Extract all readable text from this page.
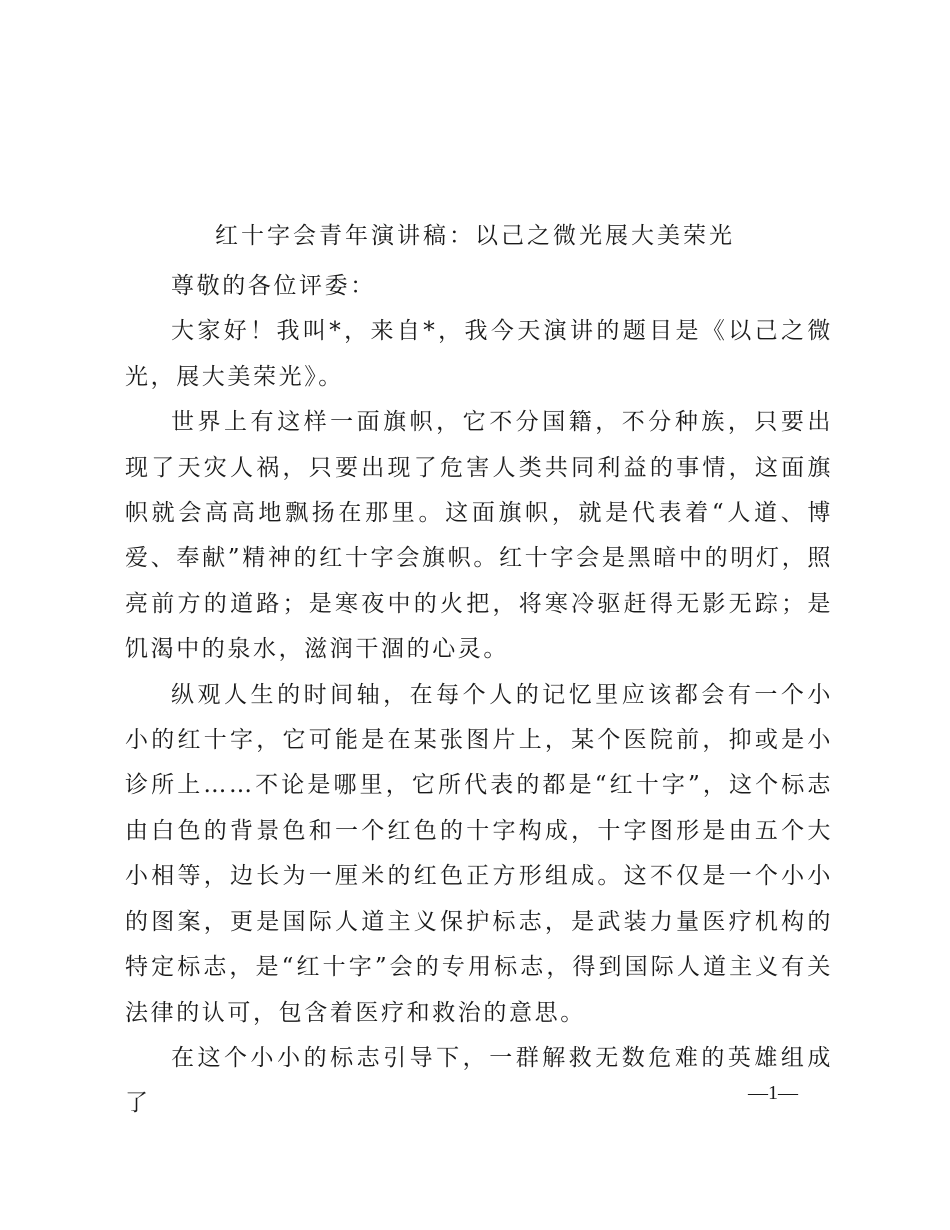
红十字会青年演讲稿：以己之微光展大美荣光

尊敬的各位评委：

大家好！我叫*，来自*，我今天演讲的题目是《以己之微光，展大美荣光》。

世界上有这样一面旗帜，它不分国籍，不分种族，只要出现了天灾人祸，只要出现了危害人类共同利益的事情，这面旗帜就会高高地飘扬在那里。这面旗帜，就是代表着“人道、博爱、奉献”精神的红十字会旗帜。红十字会是黑暗中的明灯，照亮前方的道路；是寒夜中的火把，将寒冷驱赶得无影无踪；是饥渴中的泉水，滋润干涸的心灵。

纵观人生的时间轴，在每个人的记忆里应该都会有一个小小的红十字，它可能是在某张图片上，某个医院前，抑或是小诊所上……不论是哪里，它所代表的都是“红十字”，这个标志由白色的背景色和一个红色的十字构成，十字图形是由五个大小相等，边长为一厘米的红色正方形组成。这不仅是一个小小的图案，更是国际人道主义保护标志，是武装力量医疗机构的特定标志，是“红十字”会的专用标志，得到国际人道主义有关法律的认可，包含着医疗和救治的意思。

在这个小小的标志引导下，一群解救无数危难的英雄组成了	—1—
